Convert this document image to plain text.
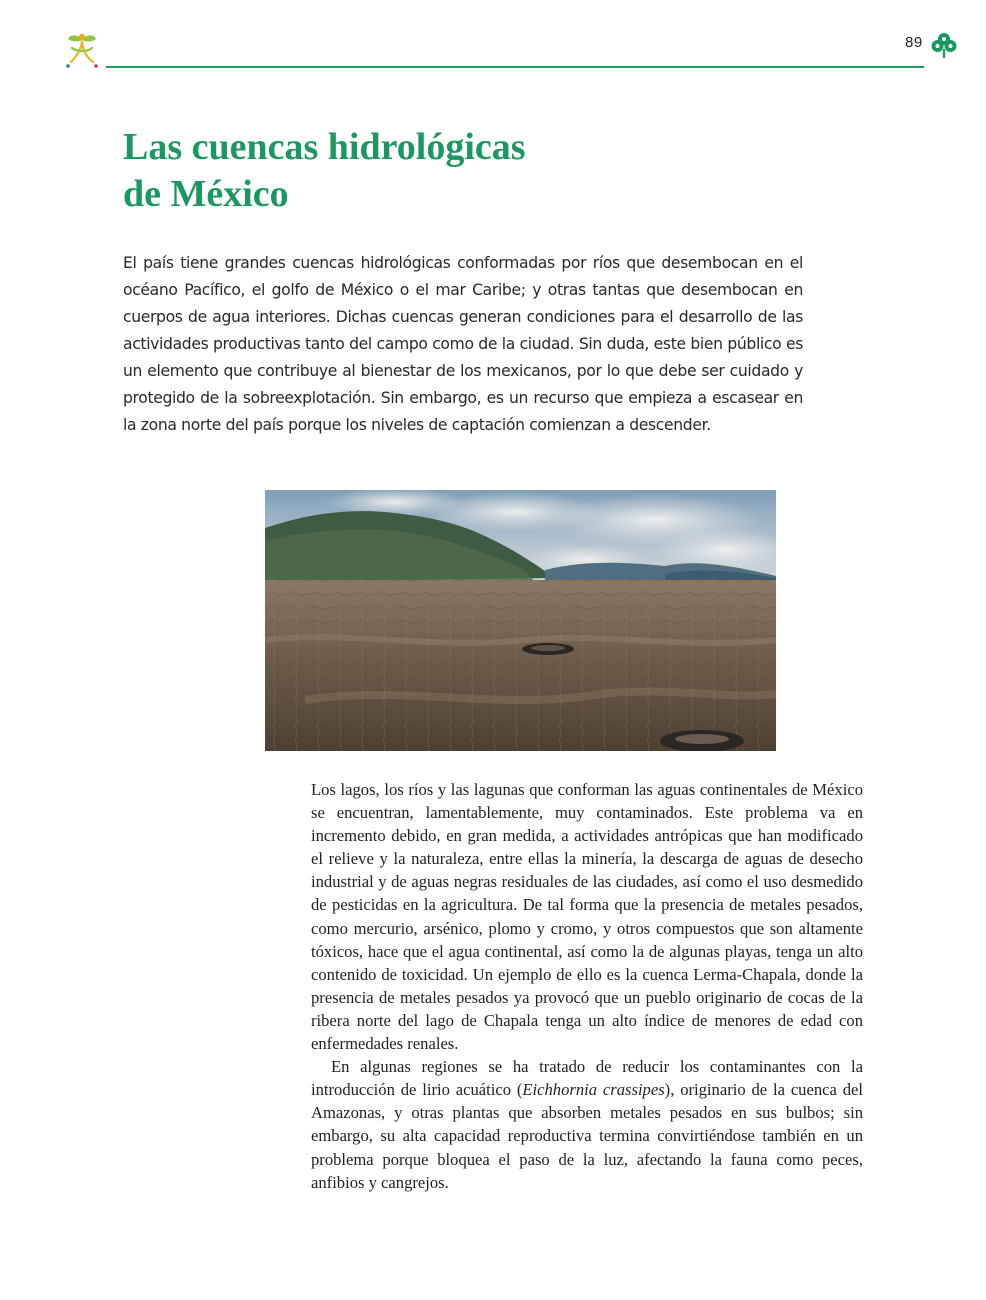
89
Las cuencas hidrológicas
de México

El país tiene grandes cuencas hidrológicas conformadas por ríos que desembocan en el océano Pacífico, el golfo de México o el mar Caribe; y otras tantas que desembocan en cuerpos de agua interiores. Dichas cuencas generan condiciones para el desarrollo de las actividades productivas tanto del campo como de la ciudad. Sin duda, este bien público es un elemento que contribuye al bienestar de los mexicanos, por lo que debe ser cuidado y protegido de la sobreexplotación. Sin embargo, es un recurso que empieza a escasear en la zona norte del país porque los niveles de captación comienzan a descender.

Los lagos, los ríos y las lagunas que conforman las aguas continentales de México se encuentran, lamentablemente, muy contaminados. Este problema va en incremento debido, en gran medida, a actividades antrópicas que han modificado el relieve y la naturaleza, entre ellas la minería, la descarga de aguas de desecho industrial y de aguas negras residuales de las ciudades, así como el uso desmedido de pesticidas en la agricultura. De tal forma que la presencia de metales pesados, como mercurio, arsénico, plomo y cromo, y otros compuestos que son altamente tóxicos, hace que el agua continental, así como la de algunas playas, tenga un alto contenido de toxicidad. Un ejemplo de ello es la cuenca Lerma-Chapala, donde la presencia de metales pesados ya provocó que un pueblo originario de cocas de la ribera norte del lago de Chapala tenga un alto índice de menores de edad con enfermedades renales.

En algunas regiones se ha tratado de reducir los contaminantes con la introducción de lirio acuático (Eichhornia crassipes), originario de la cuenca del Amazonas, y otras plantas que absorben metales pesados en sus bulbos; sin embargo, su alta capacidad reproductiva termina convirtiéndose también en un problema porque bloquea el paso de la luz, afectando la fauna como peces, anfibios y cangrejos.
